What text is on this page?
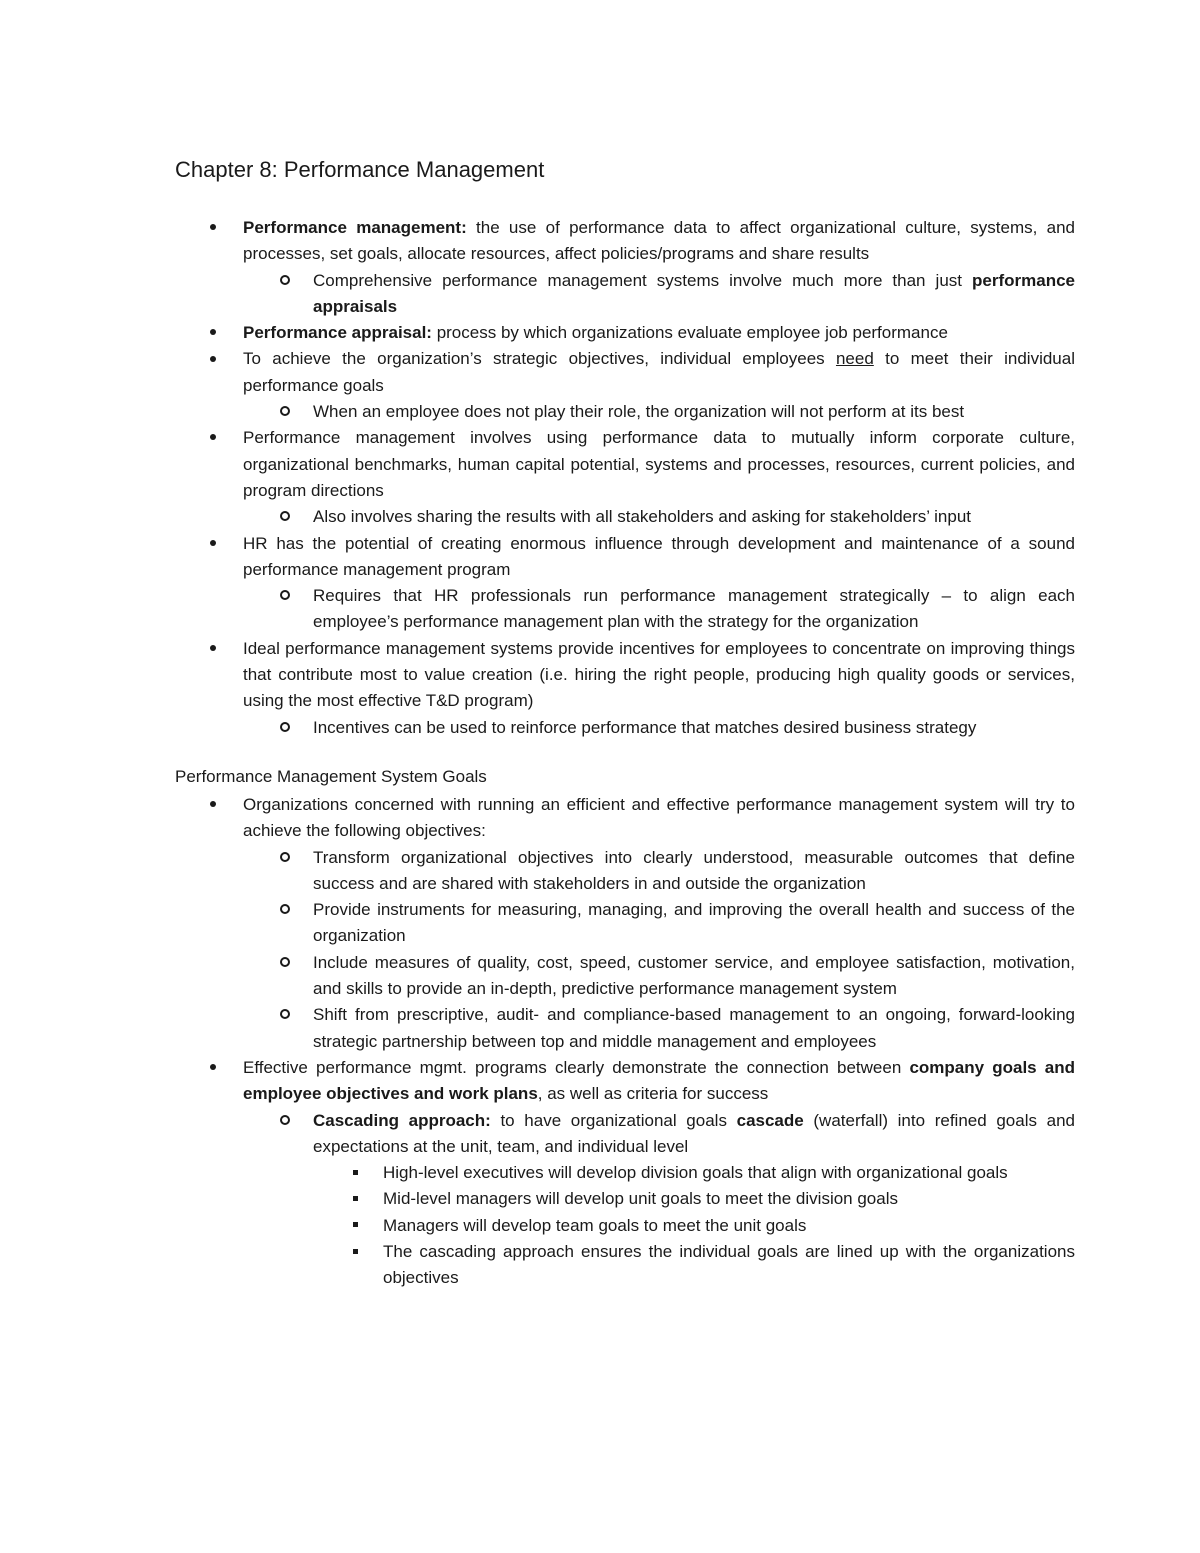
Chapter 8: Performance Management
Performance management: the use of performance data to affect organizational culture, systems, and processes, set goals, allocate resources, affect policies/programs and share results
Comprehensive performance management systems involve much more than just performance appraisals
Performance appraisal: process by which organizations evaluate employee job performance
To achieve the organization’s strategic objectives, individual employees need to meet their individual performance goals
When an employee does not play their role, the organization will not perform at its best
Performance management involves using performance data to mutually inform corporate culture, organizational benchmarks, human capital potential, systems and processes, resources, current policies, and program directions
Also involves sharing the results with all stakeholders and asking for stakeholders’ input
HR has the potential of creating enormous influence through development and maintenance of a sound performance management program
Requires that HR professionals run performance management strategically – to align each employee’s performance management plan with the strategy for the organization
Ideal performance management systems provide incentives for employees to concentrate on improving things that contribute most to value creation (i.e. hiring the right people, producing high quality goods or services, using the most effective T&D program)
Incentives can be used to reinforce performance that matches desired business strategy

Performance Management System Goals

Organizations concerned with running an efficient and effective performance management system will try to achieve the following objectives:
Transform organizational objectives into clearly understood, measurable outcomes that define success and are shared with stakeholders in and outside the organization
Provide instruments for measuring, managing, and improving the overall health and success of the organization
Include measures of quality, cost, speed, customer service, and employee satisfaction, motivation, and skills to provide an in-depth, predictive performance management system
Shift from prescriptive, audit- and compliance-based management to an ongoing, forward-looking strategic partnership between top and middle management and employees
Effective performance mgmt. programs clearly demonstrate the connection between company goals and employee objectives and work plans, as well as criteria for success
Cascading approach: to have organizational goals cascade (waterfall) into refined goals and expectations at the unit, team, and individual level
High-level executives will develop division goals that align with organizational goals
Mid-level managers will develop unit goals to meet the division goals
Managers will develop team goals to meet the unit goals
The cascading approach ensures the individual goals are lined up with the organizations objectives
